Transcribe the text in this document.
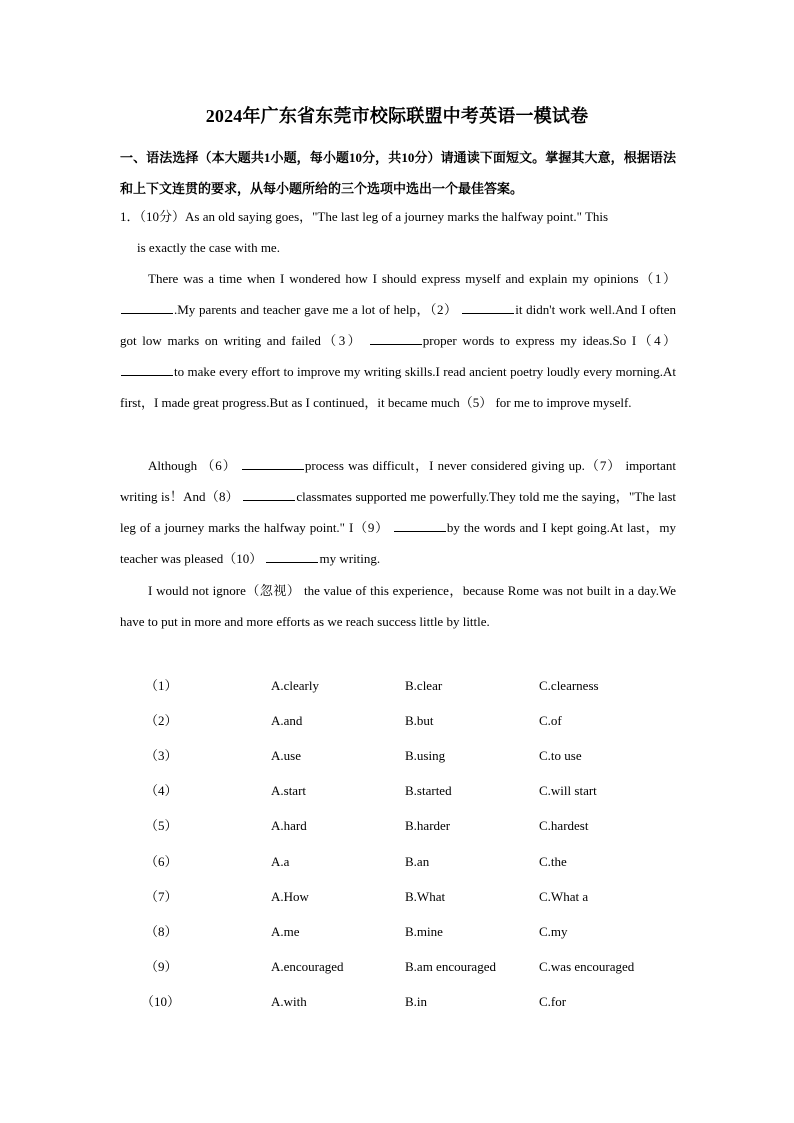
2024年广东省东莞市校际联盟中考英语一模试卷
一、语法选择（本大题共1小题，每小题10分，共10分）请通读下面短文。掌握其大意，根据语法和上下文连贯的要求，从每小题所给的三个选项中选出一个最佳答案。
1．（10分）As an old saying goes，"The last leg of a journey marks the halfway point." This
is exactly the case with me.
There was a time when I wondered how I should express myself and explain my opinions（1） .My parents and teacher gave me a lot of help，（2）	it didn't work well.And I often got low marks on writing and failed（3）	proper words to express my ideas.So I（4） to make every effort to improve my writing skills.I read ancient poetry loudly every morning.At first，I made great progress.But as I continued，it became much（5） for me to improve myself.
Although （6）	process was difficult，I never considered giving up.（7） important writing is！And（8）	classmates supported me powerfully.They told me the saying，"The last leg of a journey marks the halfway point." I（9）	by the words and I kept going.At last，my teacher was pleased（10）	my writing.
I would not ignore（忽视） the value of this experience，because Rome was not built in a day.We have to put in more and more efforts as we reach success little by little.
（1）	A.clearly	B.clear	C.clearness
（2）	A.and	B.but	C.of
（3）	A.use	B.using	C.to use
（4）	A.start	B.started	C.will start
（5）	A.hard	B.harder	C.hardest
（6）	A.a	B.an	C.the
（7）	A.How	B.What	C.What a
（8）	A.me	B.mine	C.my
（9）	A.encouraged	B.am encouraged	C.was encouraged
（10）	A.with	B.in	C.for
